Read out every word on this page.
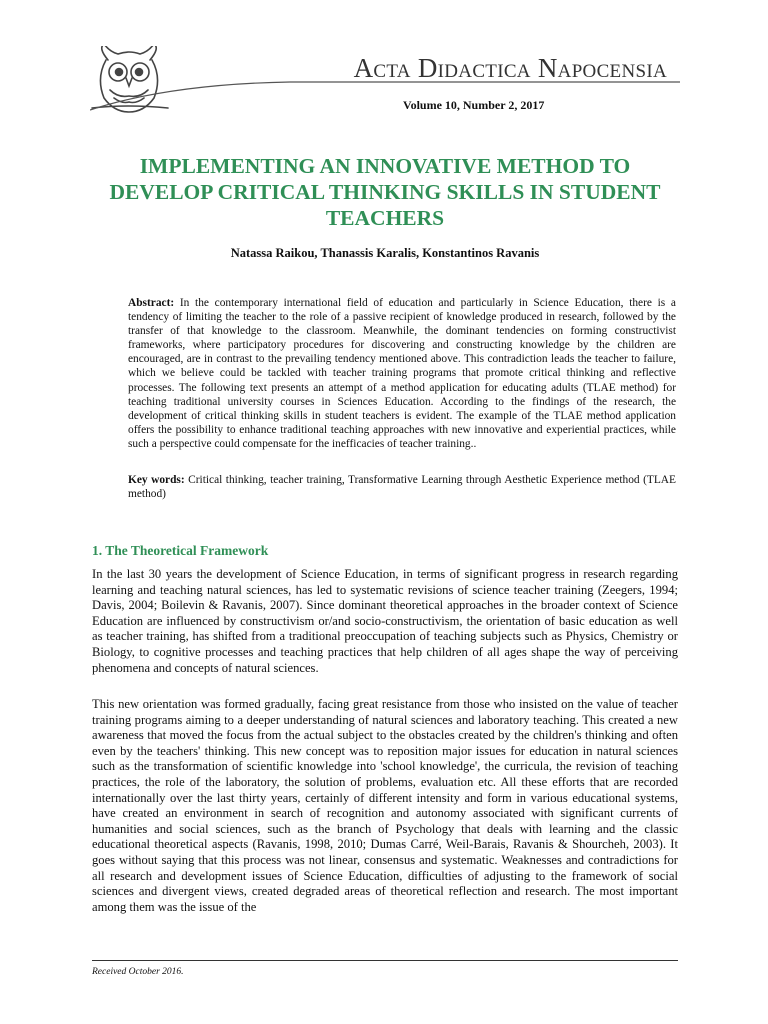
Acta Didactica Napocensia
Volume 10, Number 2, 2017
IMPLEMENTING AN INNOVATIVE METHOD TO DEVELOP CRITICAL THINKING SKILLS IN STUDENT TEACHERS
Natassa Raikou, Thanassis Karalis, Konstantinos Ravanis
Abstract: In the contemporary international field of education and particularly in Science Education, there is a tendency of limiting the teacher to the role of a passive recipient of knowledge produced in research, followed by the transfer of that knowledge to the classroom. Meanwhile, the dominant tendencies on forming constructivist frameworks, where participatory procedures for discovering and constructing knowledge by the children are encouraged, are in contrast to the prevailing tendency mentioned above. This contradiction leads the teacher to failure, which we believe could be tackled with teacher training programs that promote critical thinking and reflective processes. The following text presents an attempt of a method application for educating adults (TLAE method) for teaching traditional university courses in Sciences Education. According to the findings of the research, the development of critical thinking skills in student teachers is evident. The example of the TLAE method application offers the possibility to enhance traditional teaching approaches with new innovative and experiential practices, while such a perspective could compensate for the inefficacies of teacher training..
Key words: Critical thinking, teacher training, Transformative Learning through Aesthetic Experience method (TLAE method)
1. The Theoretical Framework

In the last 30 years the development of Science Education, in terms of significant progress in research regarding learning and teaching natural sciences, has led to systematic revisions of science teacher training (Zeegers, 1994; Davis, 2004; Boilevin & Ravanis, 2007). Since dominant theoretical approaches in the broader context of Science Education are influenced by constructivism or/and socio-constructivism, the orientation of basic education as well as teacher training, has shifted from a traditional preoccupation of teaching subjects such as Physics, Chemistry or Biology, to cognitive processes and teaching practices that help children of all ages shape the way of perceiving phenomena and concepts of natural sciences.

This new orientation was formed gradually, facing great resistance from those who insisted on the value of teacher training programs aiming to a deeper understanding of natural sciences and laboratory teaching. This created a new awareness that moved the focus from the actual subject to the obstacles created by the children's thinking and often even by the teachers' thinking. This new concept was to reposition major issues for education in natural sciences such as the transformation of scientific knowledge into 'school knowledge', the curricula, the revision of teaching practices, the role of the laboratory, the solution of problems, evaluation etc. All these efforts that are recorded internationally over the last thirty years, certainly of different intensity and form in various educational systems, have created an environment in search of recognition and autonomy associated with significant currents of humanities and social sciences, such as the branch of Psychology that deals with learning and the classic educational theoretical aspects (Ravanis, 1998, 2010; Dumas Carré, Weil-Barais, Ravanis & Shourcheh, 2003). It goes without saying that this process was not linear, consensus and systematic. Weaknesses and contradictions for all research and development issues of Science Education, difficulties of adjusting to the framework of social sciences and divergent views, created degraded areas of theoretical reflection and research. The most important among them was the issue of the

Received October 2016.
